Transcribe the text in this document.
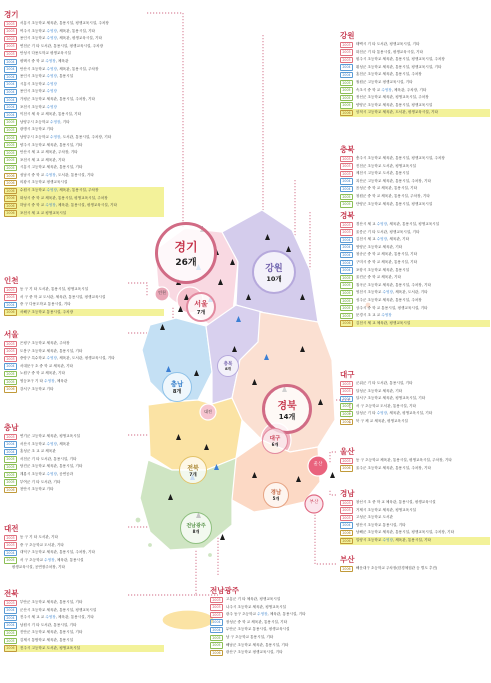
경기
26개
강원
10개
서울
7개
충남
8개
충북
8개
경북
14개
대구
6개
전북
7개
경남
5개
전남광주
8개
울산
부산
인천
대전
경기
2003	서흥시 초등학교 체육관, 통용시설, 평생교육시설, 주차장
2003	여주시 초등학교 수영장, 체육관, 통용시설, 기타
2003	용인시 초등학교 수영장, 체육관, 평생교육시설, 기타
2003	연천군 기 타 도서관, 통용시설, 평생교육시설, 주차장
2003	안성시 다용도학교 평생교육시설
2004	평택시 중 학 교 수영장, 체육관
2004	안산시 초등학교 수영장, 체육관, 통용시설, 주차장
2004	용인시 초등학교 수영장, 통용시설
2004	시흥시 초등학교 수영장
2004	용인시 초등학교 수영장
2004	가평군 초등학교 체육관, 통용시설, 주차장, 기타
2004	포천시 초등학교 수영장
2004	이천시 체 육 교 체육관, 통용시설, 기타
2005	남양주시 초등학교 수영장, 기타
2005	광명시 초등학교 기타
2005	남양주시 초등학교 수영장, 도서관, 통용시설, 주차장, 기타
2005	양주시 초등학교 체육관, 통용시설, 기타
2005	안산시 체 교 교 체육관, 주차장, 기타
2005	포천시 체 교 교 체육관, 기타
2005	시흥시 고등학교 체육관, 통용시설, 기타
2006	성남시 중 학 교 수영장, 도서관, 통용시설, 기타
2006	의왕시 초등학교 평생교육시설
2006	수원시 초등학교 수영장, 체육관, 통용시설, 주차장
2006	화성시 중 학 교 체육관, 통용시설, 평생교육시설, 주차장
2006	하남시 중 학 교 수영장, 체육관, 통용시설, 평생교육시설, 기타
2006	포천시 체 교 교 평생교육시설
인천
2003	동 구 기 타 도서관, 통용시설, 평생교육시설
2003	서 구 중 학 교 도서관, 체육관, 통용시설, 평생교육시설
2004	중 구 다용도학교 통용시설, 기타
2006	서해구 초등학교 통용시설, 주차장
서울
2003	은평구 초등학교 체육관, 주차장
2003	도봉구 초등학교 체육관, 통용시설, 기타
2003	중랑구 특수학교 수영장, 체육관, 도서관, 평생교육시설, 기타
2004	서대문구 초 중 학 교 체육관, 기타
2005	노원구 중 학 교 체육관, 기타
2005	영등포구 기 타 수영장, 체육관
2006	강서구 초등학교 기타
충남
2003	연기군 고등학교 체육관, 평생교육시설
2004	서산시 초등학교 수영장, 체육관
2004	홍성군 초 교 교 체육관
2005	서천군 기 타 도서관, 통용시설, 기타
2005	당진군 초등학교 체육관, 통용시설, 기타
2005	계룡시 초등학교 수영장, 공연공과
2005	부여군 기 타 도서관, 기타
2006	천안시 초등학교 기타
대전
2003	동 구 기 타 도서관, 기타
2003	중 구 초등학교 도서관, 기타
2004	대덕구 초등학교 체육관, 통용시설, 주차장, 기타
2005	서 구 초등학교 수영장, 체육관, 통용시설
평생교육시설, 공연장주차장, 기타
전북
2003	부안군 초등학교 체육관, 통용시설, 기타
2004	군산시 초등학교 체육관, 통용시설, 평생교육시설
2004	전주시 체 교 교 수영장, 체육관, 통용시설, 기타
2004	남원시 기 타 도서관, 통용시설, 기타
2005	진안군 초등학교 체육관, 통용시설, 기타
2005	김제시 통합학교 체육관, 통용시설
2006	전주시 고등학교 도서관, 평생교육시설
강원
2003	태백시 기 타 도서관, 평생교육시설, 기타
2003	화천군 기 타 통용시설, 평생교육시설, 기타
2003	원주시 초등학교 체육관, 통용시설, 평생교육시설, 주차장
2004	횡성군 초등학교 체육관, 통용시설, 평생교육시설, 기타
2004	홍천군 초등학교 체육관, 통용시설, 주차장
2005	철원군 고등학교 평생교육시설, 기타
2005	속초시 중 학 교 수영장, 체육관, 주차장, 기타
2005	정선군 초등학교 체육관, 평생교육시설, 주차장
2005	양양군 초등학교 체육관, 통용시설, 평생교육시설
2006	삼척시 고등학교 체육관, 도서관, 평생교육시설, 기타
충북
2003	충주시 초등학교 체육관, 통용시설, 평생교육시설, 주차장
2003	진천군 초등학교 도서관, 평생교육시설
2003	제천시 고등학교 도서관, 통용시설
2004	괴산군 고등학교 체육관, 통용시설, 주차장, 기타
2004	음성군 중 학 교 체육관, 통용시설, 기타
2005	청원군 중 학 교 체육관, 통용시설, 주차장, 기타
2005	단양군 초등학교 체육관, 통용시설, 평생교육시설
경북
2003	경산시 체 교 수영장, 체육관, 통용시설, 평생교육시설
2003	울릉군 기 타 도서관, 평생교육시설, 기타
2004	김천시 체 교 수영장, 체육관, 기타
2004	영양군 초등학교 체육관, 기타
2004	청송군 중 학 교 체육관, 통용시설, 기타
2004	구미시 중 학 교 체육관, 통용시설, 기타
2004	포항시 초등학교 체육관, 통용시설
2005	울진군 중 학 교 체육관, 기타
2005	칠곡군 초등학교 체육관, 통용시설, 주차장, 기타
2005	영천시 초등학교 수영장, 체육관, 도서관, 기타
2005	성주군 초등학교 체육관, 통용시설, 주차장
2005	상주시 중 학 교 통용시설, 평생교육시설, 기타
2005	문경시 초 교 교 수영장
2006	김천시 체 교 체육관, 평생교육시설
대구
2003	군위군 기 타 도서관, 통용시설, 기타
2003	달성군 초등학교 체육관, 기타
2004	달서구 초등학교 체육관, 평생교육시설, 기타
2005	서 구 초등학교 도서관, 통용시설, 기타
2005	달성군 기 타 수영장, 체육관, 평생교육시설, 기타
2006	북 구 체 교 체육관, 평생교육시설
울산
2003	동 구 초등학교 체육관, 통용시설, 평생교육시설, 주차장, 기타
2006	울주군 초등학교 체육관, 통용시설, 주차장, 기타
경남
2003	창선시 초 중 학 교 체육관, 통용시설, 평생교육시설
2003	거제시 초등학교 체육관, 평생교육시설
2003	고성군 초등학교 도서관
2004	양산시 초등학교 통용시설, 기타
2006	남해군 초등학교 체육관, 통용시설, 평생교육시설, 주차장, 기타
2006	밀양시 초등학교 수영장, 체육관, 통용시설, 기타
부산
2006	해운대구 초등학교 주차장(한경체험관 등 별도 추진)
전남광주
2003	고흥군 기 타 체육관, 평생교육시설
2003	나주시 초등학교 체육관, 평생교육시설
2003	광주 동구 초등학교 수영장, 체육관, 통용시설, 기타
2004	장성군 중 학 교 체육관, 통용시설, 기타
2004	무안군 초등학교 통용시설, 평생교육시설
2005	남 구 초등학교 통용시설, 기타
2005	해남군 초등학교 체육관, 통용시설, 기타
2006	광산구 초등학교 평생교육시설, 기타
